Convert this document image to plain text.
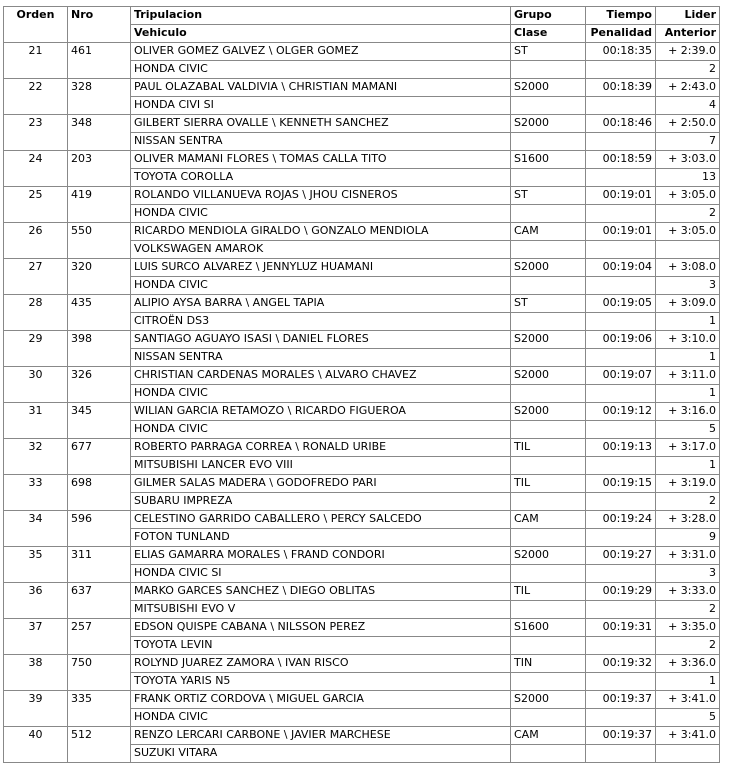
Orden	Nro	Tripulacion	Grupo	Tiempo	Lider
		Vehiculo	Clase	Penalidad	Anterior
21	461	OLIVER GOMEZ GALVEZ \ OLGER GOMEZ	ST	00:18:35	+ 2:39.0
		HONDA CIVIC			2
22	328	PAUL OLAZABAL VALDIVIA \ CHRISTIAN MAMANI	S2000	00:18:39	+ 2:43.0
		HONDA CIVI SI			4
23	348	GILBERT SIERRA OVALLE \ KENNETH SANCHEZ	S2000	00:18:46	+ 2:50.0
		NISSAN SENTRA			7
24	203	OLIVER MAMANI FLORES \ TOMAS CALLA TITO	S1600	00:18:59	+ 3:03.0
		TOYOTA COROLLA			13
25	419	ROLANDO VILLANUEVA ROJAS \ JHOU CISNEROS	ST	00:19:01	+ 3:05.0
		HONDA CIVIC			2
26	550	RICARDO MENDIOLA GIRALDO \ GONZALO MENDIOLA	CAM	00:19:01	+ 3:05.0
		VOLKSWAGEN AMAROK			
27	320	LUIS SURCO ALVAREZ \ JENNYLUZ HUAMANI	S2000	00:19:04	+ 3:08.0
		HONDA CIVIC			3
28	435	ALIPIO AYSA BARRA \ ANGEL TAPIA	ST	00:19:05	+ 3:09.0
		CITROËN DS3			1
29	398	SANTIAGO AGUAYO ISASI \ DANIEL FLORES	S2000	00:19:06	+ 3:10.0
		NISSAN SENTRA			1
30	326	CHRISTIAN CARDENAS MORALES \ ALVARO CHAVEZ	S2000	00:19:07	+ 3:11.0
		HONDA CIVIC			1
31	345	WILIAN GARCIA RETAMOZO \ RICARDO FIGUEROA	S2000	00:19:12	+ 3:16.0
		HONDA CIVIC			5
32	677	ROBERTO PARRAGA CORREA \ RONALD URIBE	TIL	00:19:13	+ 3:17.0
		MITSUBISHI LANCER EVO VIII			1
33	698	GILMER SALAS MADERA \ GODOFREDO PARI	TIL	00:19:15	+ 3:19.0
		SUBARU IMPREZA			2
34	596	CELESTINO GARRIDO CABALLERO \ PERCY SALCEDO	CAM	00:19:24	+ 3:28.0
		FOTON TUNLAND			9
35	311	ELIAS GAMARRA MORALES \ FRAND CONDORI	S2000	00:19:27	+ 3:31.0
		HONDA CIVIC SI			3
36	637	MARKO GARCES SANCHEZ \ DIEGO OBLITAS	TIL	00:19:29	+ 3:33.0
		MITSUBISHI EVO V			2
37	257	EDSON QUISPE CABANA \ NILSSON PEREZ	S1600	00:19:31	+ 3:35.0
		TOYOTA LEVIN			2
38	750	ROLYND JUAREZ ZAMORA \ IVAN RISCO	TIN	00:19:32	+ 3:36.0
		TOYOTA YARIS N5			1
39	335	FRANK ORTIZ CORDOVA \ MIGUEL GARCIA	S2000	00:19:37	+ 3:41.0
		HONDA CIVIC			5
40	512	RENZO LERCARI CARBONE \ JAVIER MARCHESE	CAM	00:19:37	+ 3:41.0
		SUZUKI VITARA			
